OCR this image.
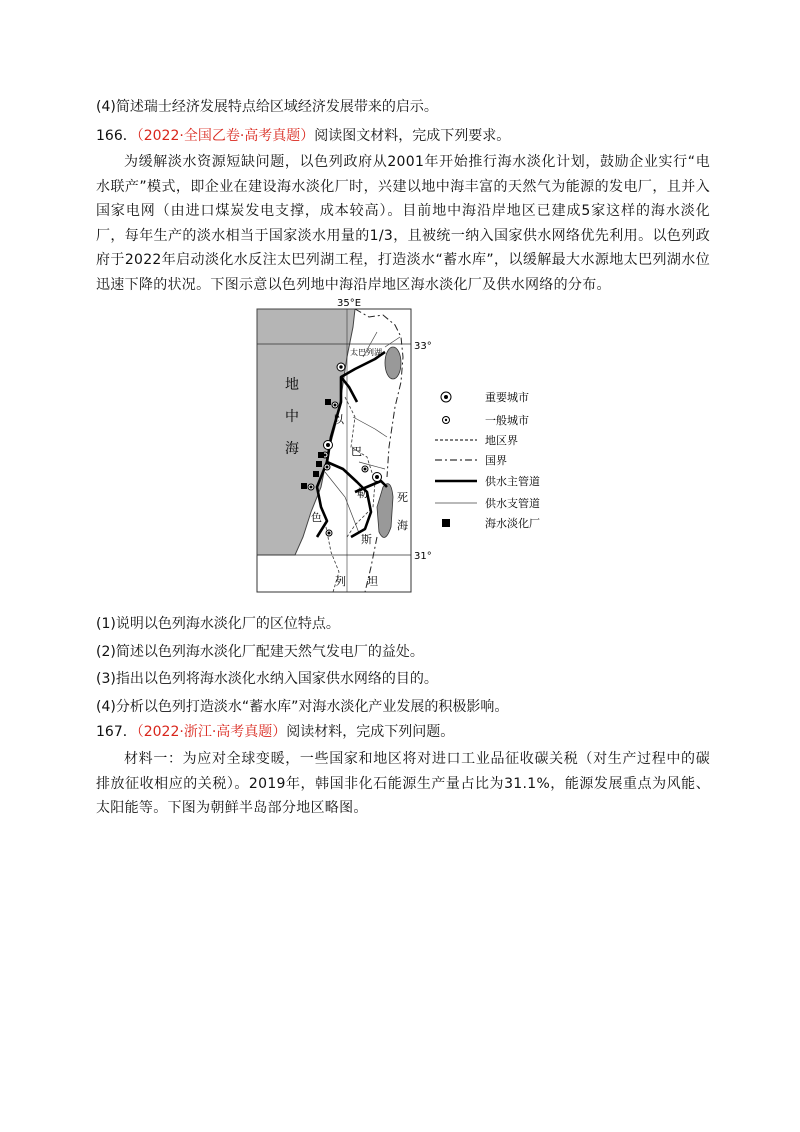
(4)简述瑞士经济发展特点给区域经济发展带来的启示。
166．（2022·全国乙卷·高考真题）阅读图文材料，完成下列要求。
为缓解淡水资源短缺问题，以色列政府从2001年开始推行海水淡化计划，鼓励企业实行“电水联产”模式，即企业在建设海水淡化厂时，兴建以地中海丰富的天然气为能源的发电厂，且并入国家电网（由进口煤炭发电支撑，成本较高）。目前地中海沿岸地区已建成5家这样的海水淡化厂，每年生产的淡水相当于国家淡水用量的1/3，且被统一纳入国家供水网络优先利用。以色列政府于2022年启动淡化水反注太巴列湖工程，打造淡水“蓄水库”，以缓解最大水源地太巴列湖水位迅速下降的状况。下图示意以色列地中海沿岸地区海水淡化厂及供水网络的分布。
35°E
33°
31°
太巴列湖
地
中
海
以
巴
勒
斯
色
列 坦
死
海
重要城市
一般城市
地区界
国界
供水主管道
供水支管道
海水淡化厂
(1)说明以色列海水淡化厂的区位特点。
(2)简述以色列海水淡化厂配建天然气发电厂的益处。
(3)指出以色列将海水淡化水纳入国家供水网络的目的。
(4)分析以色列打造淡水“蓄水库”对海水淡化产业发展的积极影响。
167．（2022·浙江·高考真题）阅读材料，完成下列问题。
材料一：为应对全球变暖，一些国家和地区将对进口工业品征收碳关税（对生产过程中的碳排放征收相应的关税）。2019年，韩国非化石能源生产量占比为31.1%，能源发展重点为风能、太阳能等。下图为朝鲜半岛部分地区略图。
